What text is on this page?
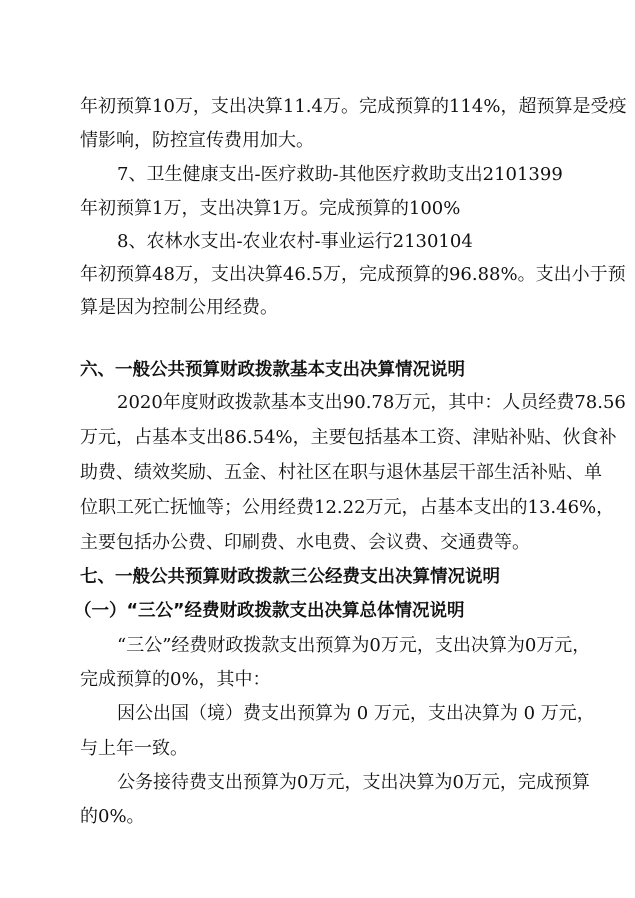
年初预算10万，支出决算11.4万。完成预算的114%，超预算是受疫
情影响，防控宣传费用加大。
7、卫生健康支出-医疗救助-其他医疗救助支出2101399
年初预算1万，支出决算1万。完成预算的100%
8、农林水支出-农业农村-事业运行2130104
年初预算48万，支出决算46.5万，完成预算的96.88%。支出小于预
算是因为控制公用经费。
六、一般公共预算财政拨款基本支出决算情况说明
2020年度财政拨款基本支出90.78万元，其中：人员经费78.56
万元，占基本支出86.54%，主要包括基本工资、津贴补贴、伙食补
助费、绩效奖励、五金、村社区在职与退休基层干部生活补贴、单
位职工死亡抚恤等；公用经费12.22万元，占基本支出的13.46%，
主要包括办公费、印刷费、水电费、会议费、交通费等。
七、一般公共预算财政拨款三公经费支出决算情况说明
（一）“三公”经费财政拨款支出决算总体情况说明
“三公”经费财政拨款支出预算为0万元，支出决算为0万元，
完成预算的0%，其中：
因公出国（境）费支出预算为 0 万元，支出决算为 0 万元，
与上年一致。
公务接待费支出预算为0万元，支出决算为0万元，完成预算
的0%。
